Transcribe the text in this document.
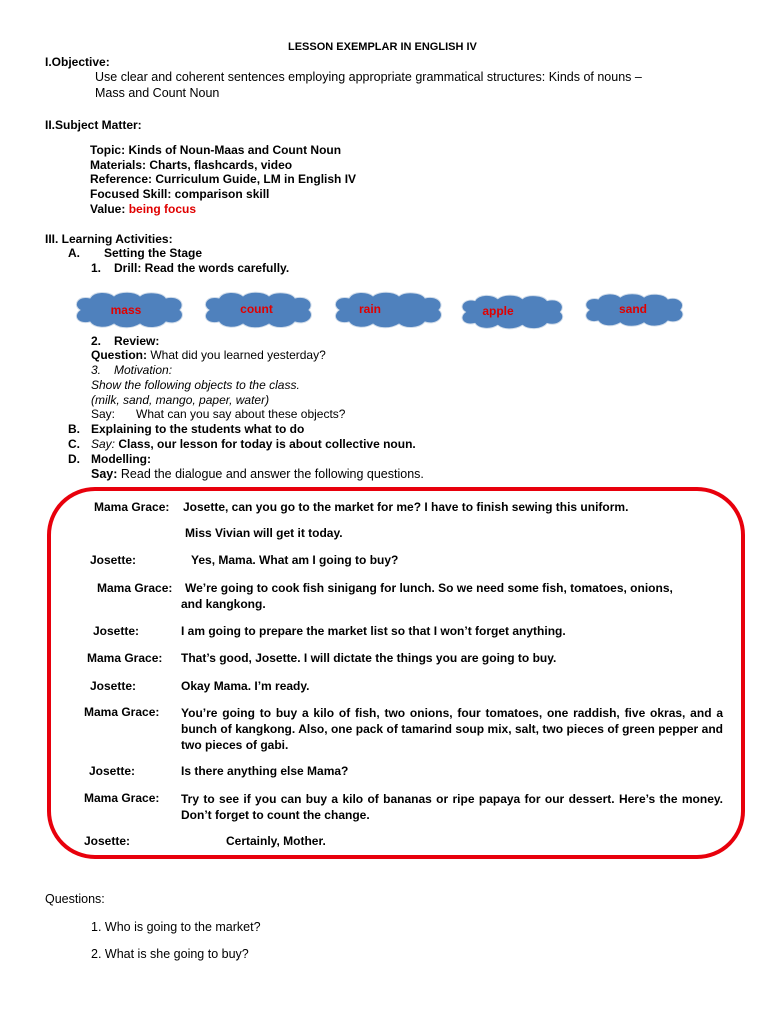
LESSON EXEMPLAR IN ENGLISH IV
I.Objective:
Use clear and coherent sentences employing appropriate grammatical structures: Kinds of nouns –
Mass and Count Noun
II.Subject Matter:
Topic: Kinds of Noun-Maas and Count Noun
Materials: Charts, flashcards, video
Reference: Curriculum Guide, LM in English IV
Focused Skill: comparison skill
Value: being focus
III. Learning Activities:
A. Setting the Stage
1. Drill: Read the words carefully.
mass	count	rain	apple	sand
2. Review:
Question: What did you learned yesterday?
3. Motivation:
Show the following objects to the class.
(milk, sand, mango, paper, water)
Say: What can you say about these objects?
B. Explaining to the students what to do
C. Say: Class, our lesson for today is about collective noun.
D. Modelling:
Say: Read the dialogue and answer the following questions.
Mama Grace: Josette, can you go to the market for me? I have to finish sewing this uniform.
Miss Vivian will get it today.
Josette:	Yes, Mama. What am I going to buy?
Mama Grace: We’re going to cook fish sinigang for lunch. So we need some fish, tomatoes, onions,
and kangkong.
Josette:	I am going to prepare the market list so that I won’t forget anything.
Mama Grace: That’s good, Josette. I will dictate the things you are going to buy.
Josette:	Okay Mama. I’m ready.
Mama Grace: You’re going to buy a kilo of fish, two onions, four tomatoes, one raddish, five okras, and a bunch of kangkong. Also, one pack of tamarind soup mix, salt, two pieces of green pepper and two pieces of gabi.
Josette:	Is there anything else Mama?
Mama Grace: Try to see if you can buy a kilo of bananas or ripe papaya for our dessert. Here’s the money. Don’t forget to count the change.
Josette:	Certainly, Mother.
Questions:
1. Who is going to the market?
2. What is she going to buy?
